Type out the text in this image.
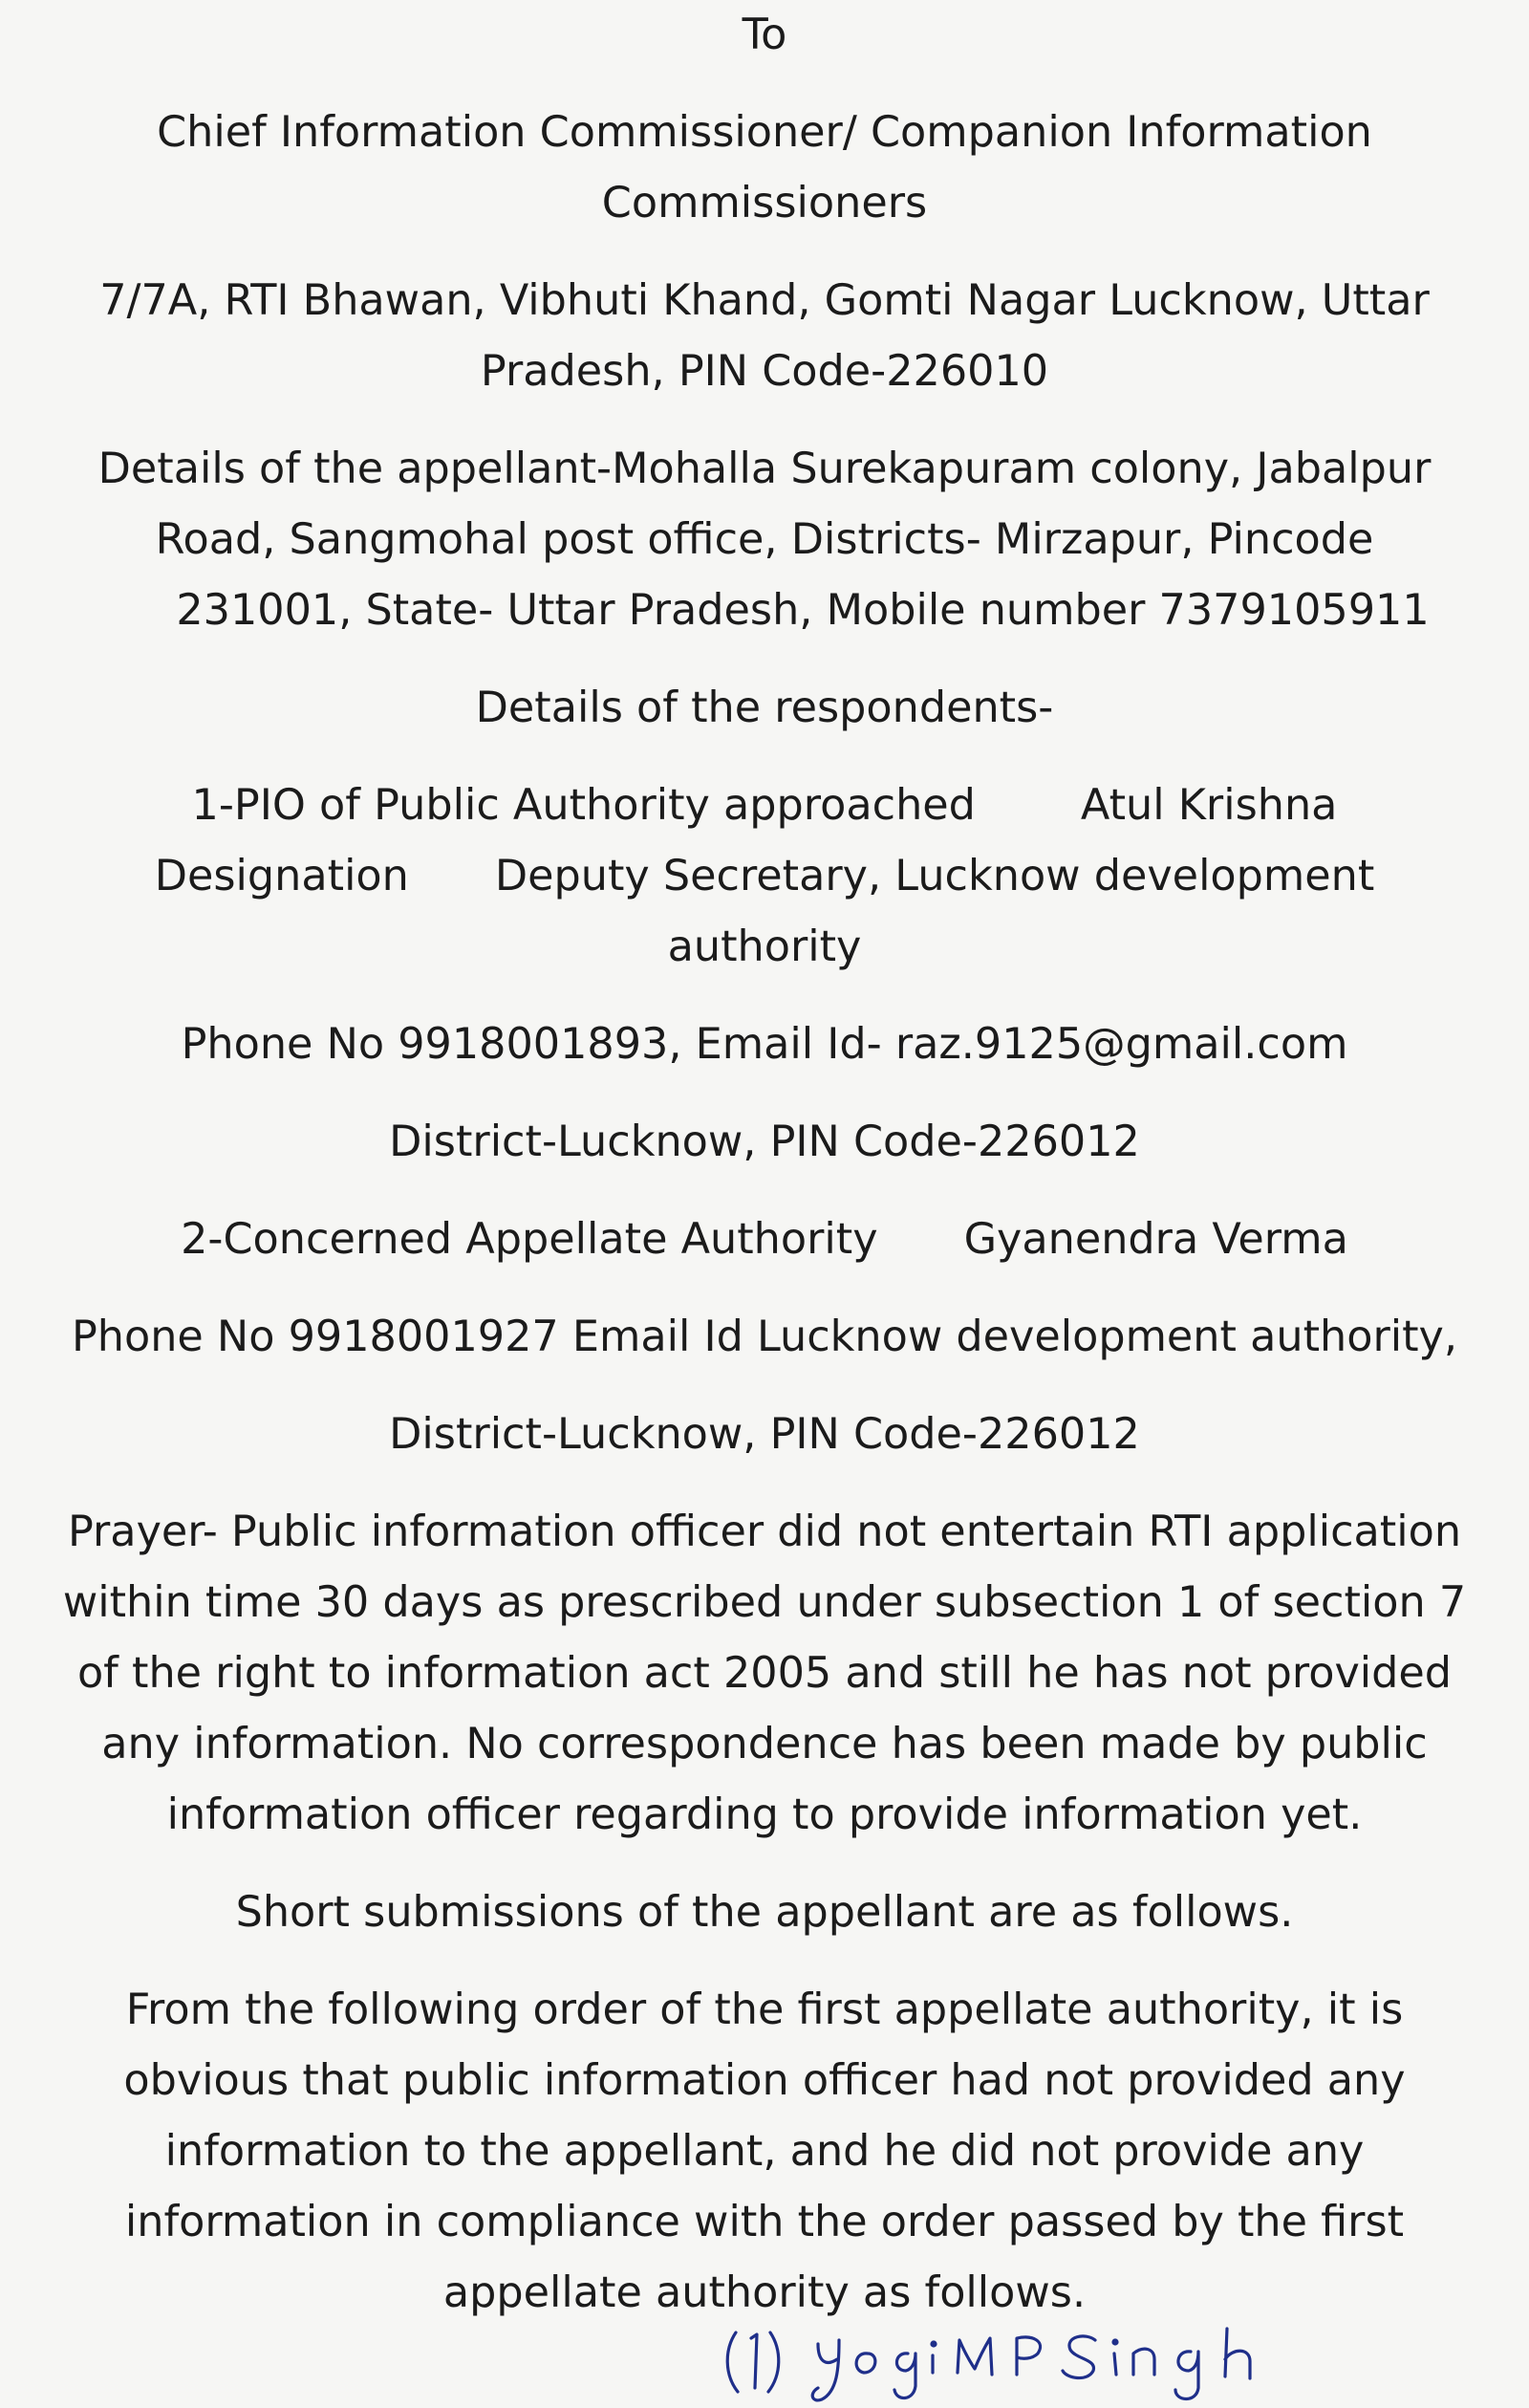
To
Chief Information Commissioner/ Companion Information
Commissioners
7/7A, RTI Bhawan, Vibhuti Khand, Gomti Nagar Lucknow, Uttar
Pradesh, PIN Code-226010
Details of the appellant-Mohalla Surekapuram colony, Jabalpur
Road, Sangmohal post office, Districts- Mirzapur, Pincode
231001, State- Uttar Pradesh, Mobile number 7379105911
Details of the respondents-
1-PIO of Public Authority approached Atul Krishna
Designation Deputy Secretary, Lucknow development
authority
Phone No 9918001893, Email Id- raz.9125@gmail.com
District-Lucknow, PIN Code-226012
2-Concerned Appellate Authority Gyanendra Verma
Phone No 9918001927 Email Id Lucknow development authority,
District-Lucknow, PIN Code-226012
Prayer- Public information officer did not entertain RTI application
within time 30 days as prescribed under subsection 1 of section 7
of the right to information act 2005 and still he has not provided
any information. No correspondence has been made by public
information officer regarding to provide information yet.
Short submissions of the appellant are as follows.
From the following order of the first appellate authority, it is
obvious that public information officer had not provided any
information to the appellant, and he did not provide any
information in compliance with the order passed by the first
appellate authority as follows.
